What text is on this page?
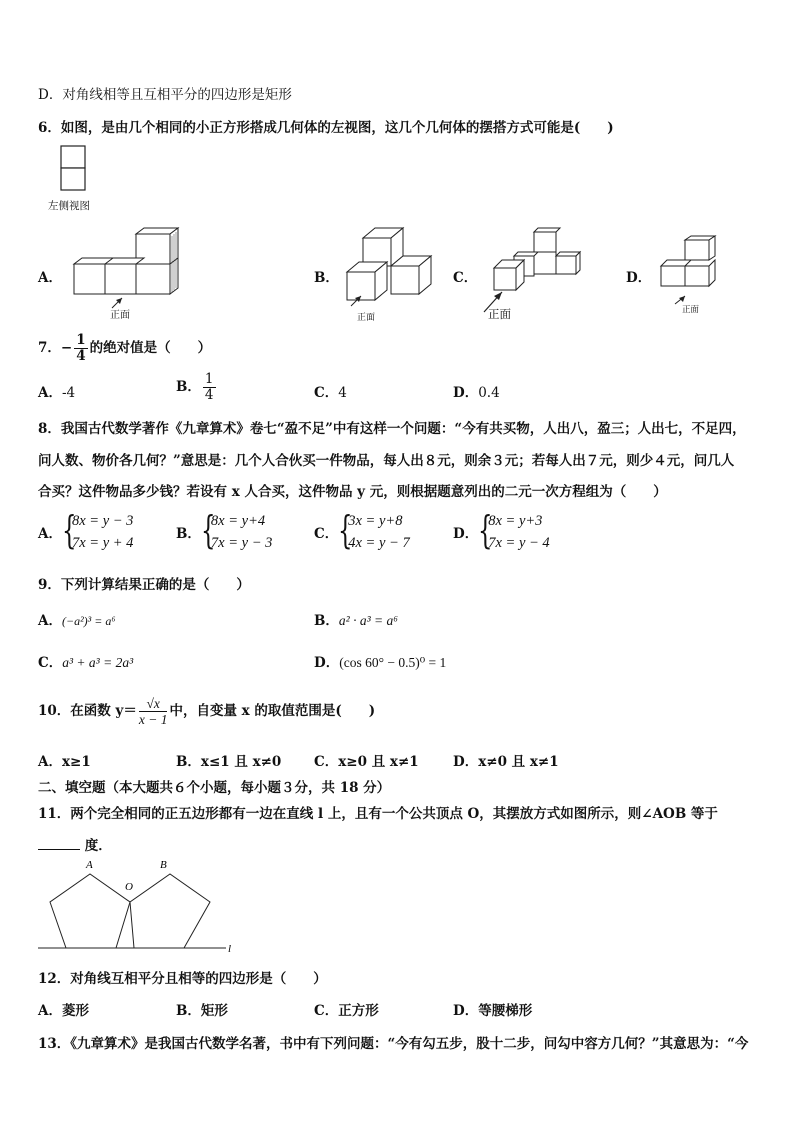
D．对角线相等且互相平分的四边形是矩形
6．如图，是由几个相同的小正方形搭成几何体的左视图，这几个几何体的摆搭方式可能是(　　)
左侧视图
A．
正面
B．
正面
C．
正面
D．
正面
7．− $\frac{1}{4}$ 的绝对值是（　　）
A．-4	B． $\frac{1}{4}$	C．4	D．0.4
8．我国古代数学著作《九章算术》卷七“盈不足”中有这样一个问题：“今有共买物，人出八，盈三；人出七，不足四，
问人数、物价各几何？”意思是：几个人合伙买一件物品，每人出８元，则余３元；若每人出７元，则少４元，问几人
合买？这件物品多少钱？若设有 x 人合买，这件物品 y 元，则根据题意列出的二元一次方程组为（　　）
A． {
8x = y − 3
7x = y + 4
B． {
8x = y+4
7x = y − 3
C． {
3x = y+8
4x = y − 7
D． {
8x = y+3
7x = y − 4
9．下列计算结果正确的是（　　）
A．(−a²)³ = a⁶	B．a² · a³ = a⁶
C．a³ + a³ = 2a³	D．(cos 60° − 0.5)⁰ = 1
10．在函数 $y= \frac{√x}{x - 1}$ 中，自变量 x 的取值范围是(　　)
A．x≥1	B．x≤1 且 x≠0 C．x≥0 且 x≠1	D．x≠0 且 x≠1
二、填空题（本大题共６个小题，每小题３分，共 18 分）
11．两个完全相同的正五边形都有一边在直线 l 上，且有一个公共顶点 O，其摆放方式如图所示，则∠AOB 等于
度．
A	B
O
l
12．对角线互相平分且相等的四边形是（　　）
A．菱形	B．矩形	C．正方形	D．等腰梯形
13．《九章算术》是我国古代数学名著，书中有下列问题：“今有勾五步，股十二步，问勾中容方几何？”其意思为：“今
